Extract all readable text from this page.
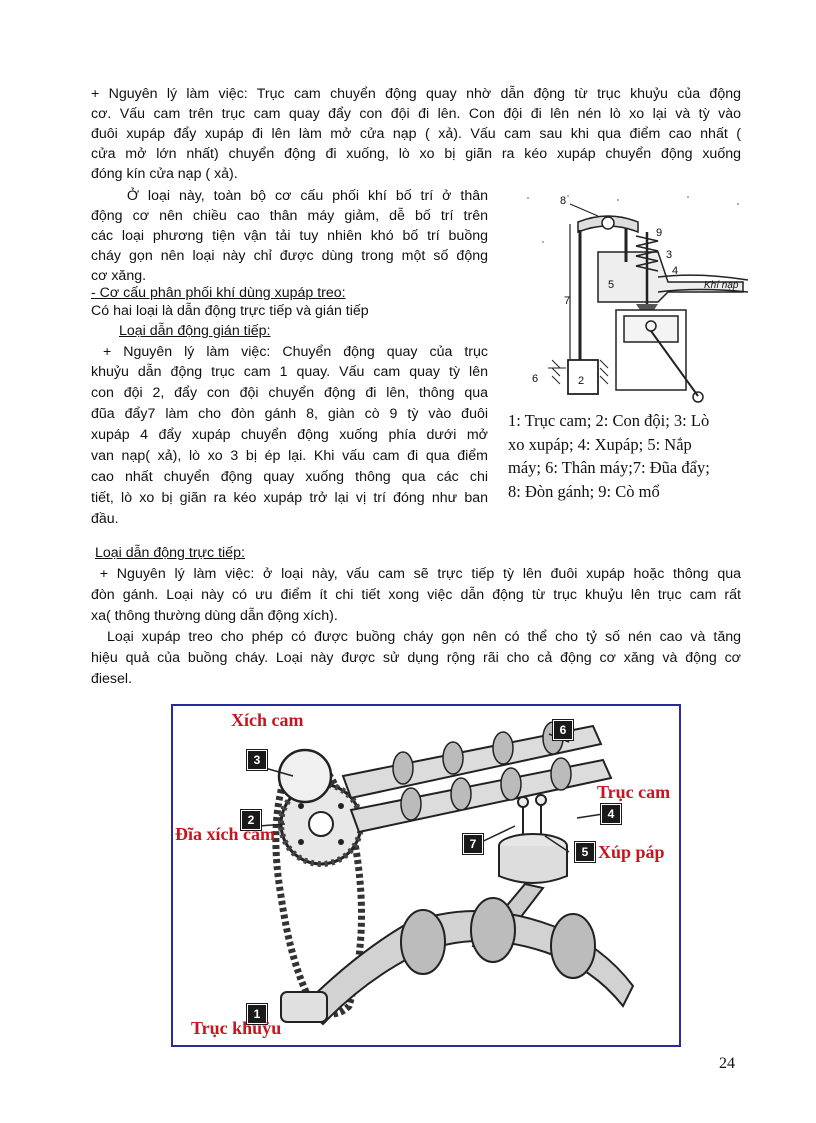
+ Nguyên lý làm việc: Trục cam chuyển động quay nhờ dẫn động từ trục khuỷu của động

cơ. Vấu cam trên trục cam quay đẩy con đội đi lên. Con đội đi lên nén lò xo lại và tỳ vào

đuôi xupáp đẩy xupáp đi lên làm mở cửa nạp ( xả). Vấu cam sau khi qua điểm cao nhất (

cửa mở lớn nhất) chuyển động đi xuống, lò xo bị giãn ra kéo xupáp chuyển động xuống

đóng kín cửa nạp ( xả).

Ở loại này, toàn bộ cơ cấu phối khí bố trí ở thân

động cơ nên chiều cao thân máy giảm, dễ bố trí trên

các loại phương tiện vận tải tuy nhiên khó bố trí buồng

cháy gọn nên loại này chỉ được dùng trong một số động

cơ xăng.

- Cơ cấu phân phối khí dùng xupáp treo:

Có hai loại là dẫn động trực tiếp và gián tiếp

Loại dẫn động gián tiếp:

+ Nguyên lý làm việc: Chuyển động quay của trục

khuỷu dẫn động trục cam 1 quay. Vấu cam quay tỳ lên

con đội 2, đẩy con đội chuyển động đi lên, thông qua

đũa đẩy7 làm cho đòn gánh 8, giàn cò 9 tỳ vào đuôi

xupáp 4 đẩy xupáp chuyển động xuống phía dưới mở

van nạp( xả), lò xo 3 bị ép lại. Khi vấu cam đi qua điểm

cao nhất chuyển động quay xuống thông qua các chi

tiết, lò xo bị giãn ra kéo xupáp trở lại vị trí đóng như ban

đầu.

8
9
3
4
5
7
6	2
Khí nạp
1: Trục cam; 2: Con đội; 3: Lò
xo xupáp; 4: Xupáp; 5: Nắp
máy; 6: Thân máy;7: Đũa đẩy;
8: Đòn gánh; 9: Cò mổ

Loại dẫn động trực tiếp:

+ Nguyên lý làm việc: ở loại này, vấu cam sẽ trực tiếp tỳ lên đuôi xupáp hoặc thông qua

đòn gánh. Loại này có ưu điểm ít chi tiết xong việc dẫn động từ trục khuỷu lên trục cam rất

xa( thông thường dùng dẫn động xích).

Loại xupáp treo cho phép có được buồng cháy gọn nên có thể cho tỷ số nén cao và tăng

hiệu quả của buồng cháy. Loại này được sử dụng rộng rãi cho cả động cơ xăng và động cơ

điesel.

3
2
6
4
7
5
1
Xích cam
Đĩa xích cam
Trục cam
Xúp páp
Trục khuỷu
24
